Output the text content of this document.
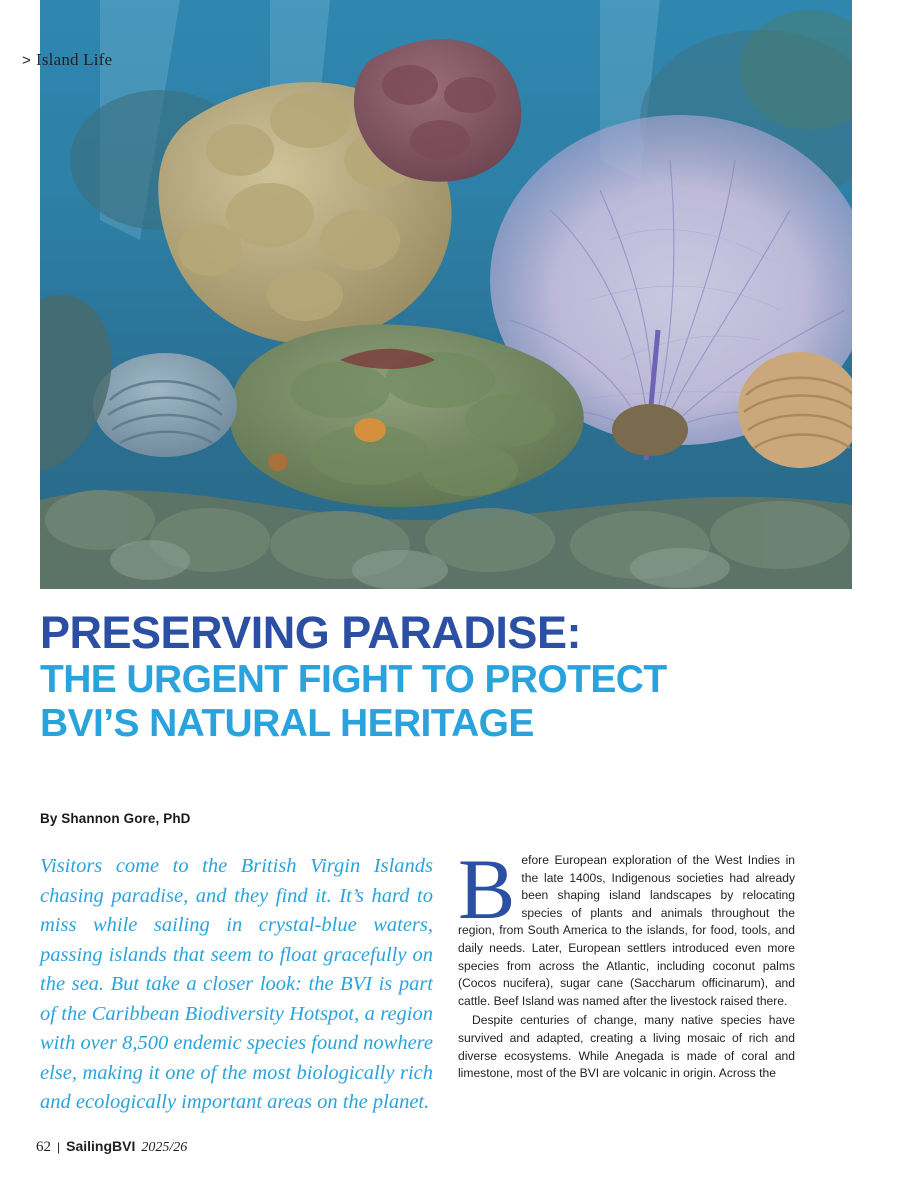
> Island Life
PRESERVING PARADISE:
THE URGENT FIGHT TO PROTECT BVI’S NATURAL HERITAGE
By Shannon Gore, PhD

Visitors come to the British Virgin Islands chasing paradise, and they find it. It’s hard to miss while sailing in crystal-blue waters, passing islands that seem to float gracefully on the sea. But take a closer look: the BVI is part of the Caribbean Biodiversity Hotspot, a region with over 8,500 endemic species found nowhere else, making it one of the most biologically rich and ecologically important areas on the planet.

Before European exploration of the West Indies in the late 1400s, Indigenous societies had already been shaping island landscapes by relocating species of plants and animals throughout the region, from South America to the islands, for food, tools, and daily needs. Later, European settlers introduced even more species from across the Atlantic, including coconut palms (Cocos nucifera), sugar cane (Saccharum officinarum), and cattle. Beef Island was named after the livestock raised there.

Despite centuries of change, many native species have survived and adapted, creating a living mosaic of rich and diverse ecosystems. While Anegada is made of coral and limestone, most of the BVI are volcanic in origin. Across the

62 | SailingBVI 2025/26
